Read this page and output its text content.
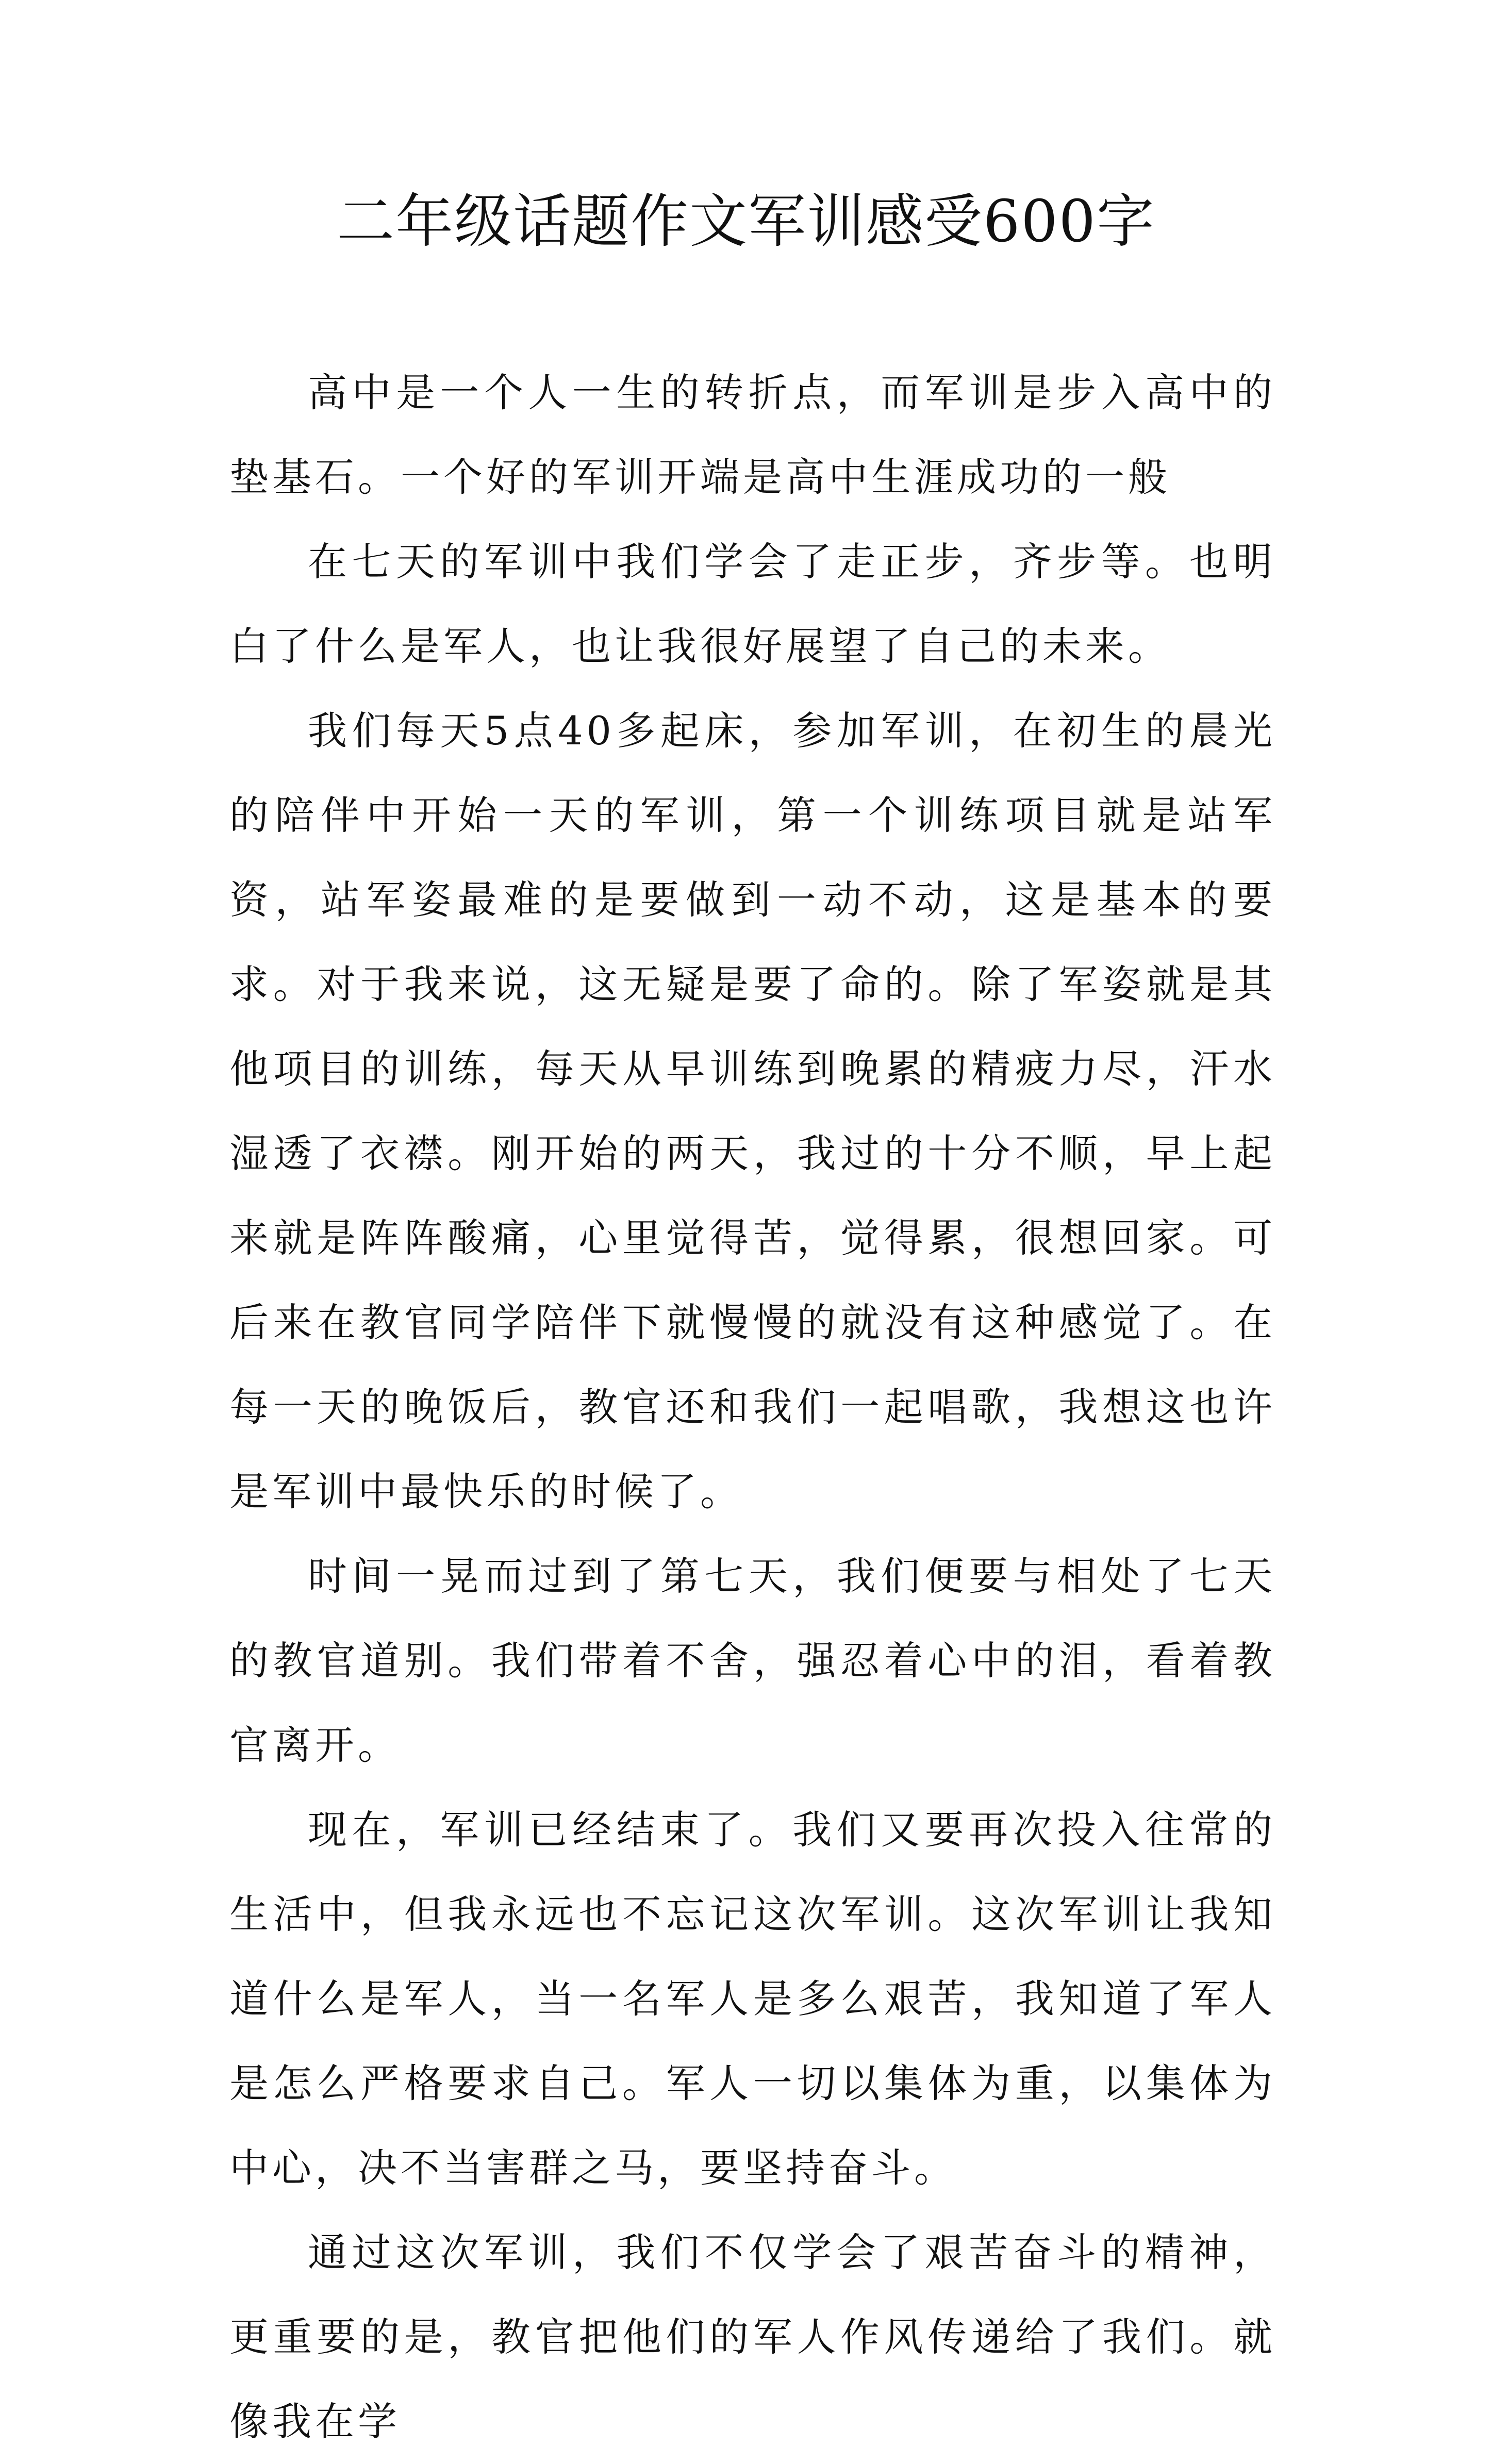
二年级话题作文军训感受600字

高中是一个人一生的转折点，而军训是步入高中的垫基石。一个好的军训开端是高中生涯成功的一般

在七天的军训中我们学会了走正步，齐步等。也明白了什么是军人，也让我很好展望了自己的未来。

我们每天5点40多起床，参加军训，在初生的晨光的陪伴中开始一天的军训，第一个训练项目就是站军资，站军姿最难的是要做到一动不动，这是基本的要求。对于我来说，这无疑是要了命的。除了军姿就是其他项目的训练，每天从早训练到晚累的精疲力尽，汗水湿透了衣襟。刚开始的两天，我过的十分不顺，早上起来就是阵阵酸痛，心里觉得苦，觉得累，很想回家。可后来在教官同学陪伴下就慢慢的就没有这种感觉了。在每一天的晚饭后，教官还和我们一起唱歌，我想这也许是军训中最快乐的时候了。

时间一晃而过到了第七天，我们便要与相处了七天的教官道别。我们带着不舍，强忍着心中的泪，看着教官离开。

现在，军训已经结束了。我们又要再次投入往常的生活中，但我永远也不忘记这次军训。这次军训让我知道什么是军人，当一名军人是多么艰苦，我知道了军人是怎么严格要求自己。军人一切以集体为重，以集体为中心，决不当害群之马，要坚持奋斗。

通过这次军训，我们不仅学会了艰苦奋斗的精神，更重要的是，教官把他们的军人作风传递给了我们。就像我在学
